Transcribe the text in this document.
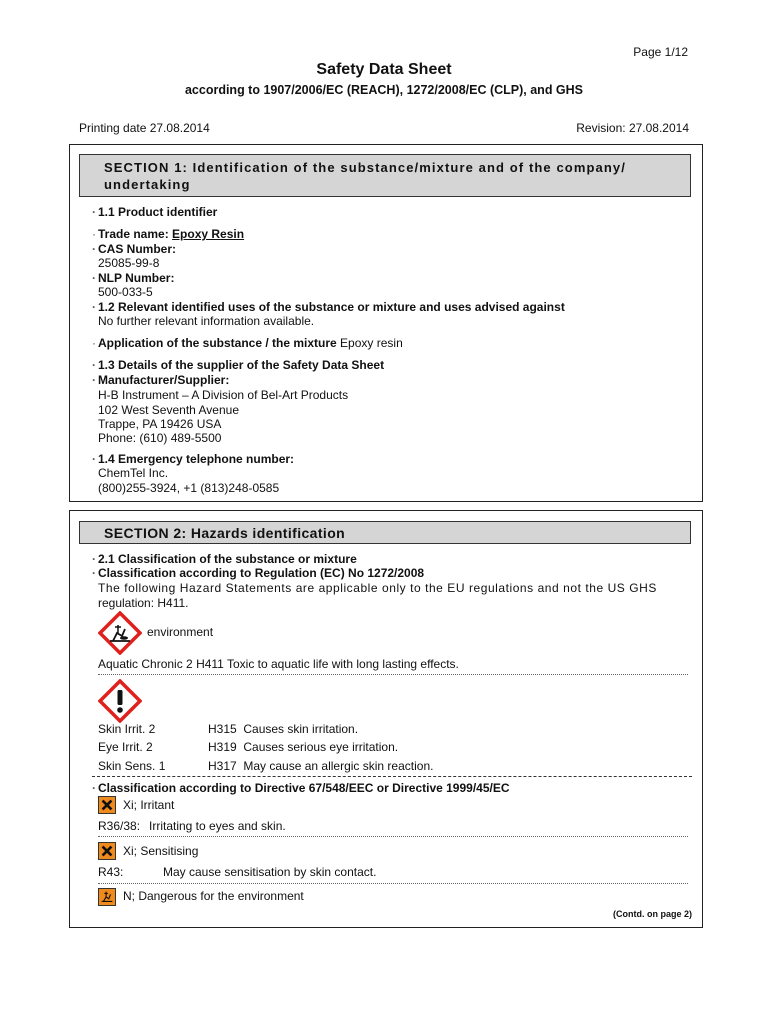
Page 1/12
Safety Data Sheet
according to 1907/2006/EC (REACH), 1272/2008/EC (CLP), and GHS
Printing date 27.08.2014	Revision: 27.08.2014
SECTION 1: Identification of the substance/mixture and of the company/ undertaking
· 1.1 Product identifier
· Trade name: Epoxy Resin
· CAS Number:
25085-99-8
· NLP Number:
500-033-5
· 1.2 Relevant identified uses of the substance or mixture and uses advised against
No further relevant information available.
· Application of the substance / the mixture Epoxy resin
· 1.3 Details of the supplier of the Safety Data Sheet
· Manufacturer/Supplier:
H-B Instrument – A Division of Bel-Art Products
102 West Seventh Avenue
Trappe, PA 19426 USA
Phone: (610) 489-5500
· 1.4 Emergency telephone number:
ChemTel Inc.
(800)255-3924, +1 (813)248-0585
SECTION 2: Hazards identification
· 2.1 Classification of the substance or mixture
· Classification according to Regulation (EC) No 1272/2008
The following Hazard Statements are applicable only to the EU regulations and not the US GHS
regulation: H411.
environment
Aquatic Chronic 2 H411 Toxic to aquatic life with long lasting effects.
Skin Irrit. 2	H315 Causes skin irritation.
Eye Irrit. 2	H319 Causes serious eye irritation.
Skin Sens. 1	H317 May cause an allergic skin reaction.
· Classification according to Directive 67/548/EEC or Directive 1999/45/EC
Xi; Irritant
R36/38: Irritating to eyes and skin.
Xi; Sensitising
R43:	May cause sensitisation by skin contact.
N; Dangerous for the environment
(Contd. on page 2)
